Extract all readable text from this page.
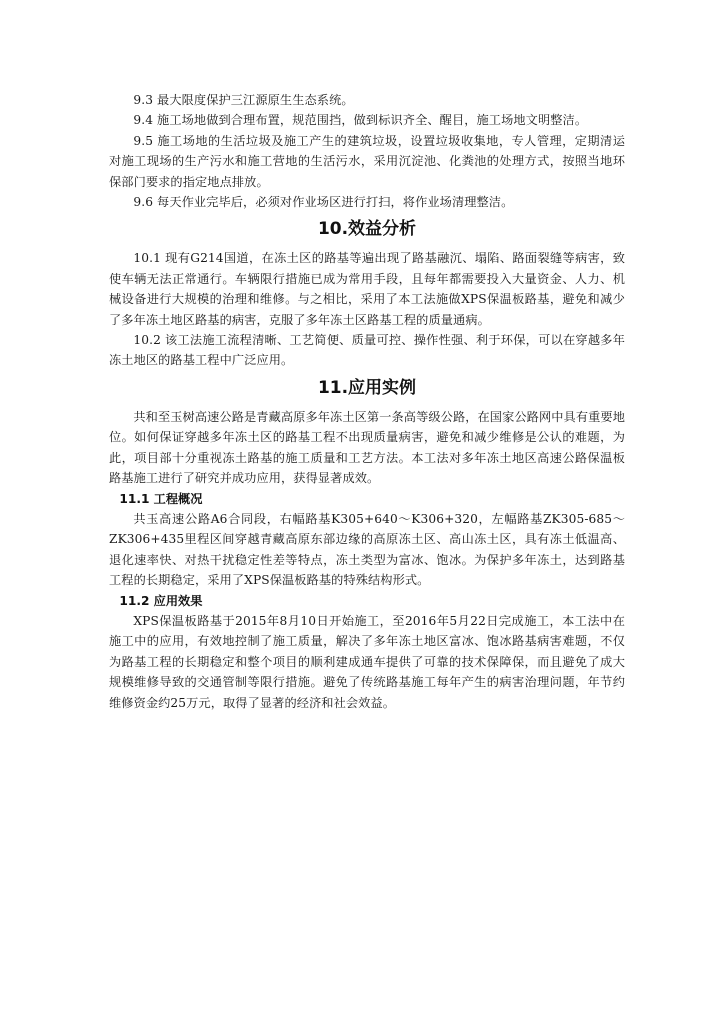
9.3 最大限度保护三江源原生生态系统。

9.4 施工场地做到合理布置，规范围挡，做到标识齐全、醒目，施工场地文明整洁。

9.5 施工场地的生活垃圾及施工产生的建筑垃圾，设置垃圾收集地，专人管理，定期清运 对施工现场的生产污水和施工营地的生活污水，采用沉淀池、化粪池的处理方式，按照当地环保部门要求的指定地点排放。

9.6 每天作业完毕后，必须对作业场区进行打扫，将作业场清理整洁。

10.效益分析

10.1 现有G214国道，在冻土区的路基等遍出现了路基融沉、塌陷、路面裂缝等病害，致使车辆无法正常通行。车辆限行措施已成为常用手段，且每年都需要投入大量资金、人力、机械设备进行大规模的治理和维修。与之相比，采用了本工法施做XPS保温板路基，避免和减少了多年冻土地区路基的病害，克服了多年冻土区路基工程的质量通病。

10.2 该工法施工流程清晰、工艺简便、质量可控、操作性强、利于环保，可以在穿越多年冻土地区的路基工程中广泛应用。

11.应用实例

共和至玉树高速公路是青藏高原多年冻土区第一条高等级公路，在国家公路网中具有重要地位。如何保证穿越多年冻土区的路基工程不出现质量病害，避免和减少维修是公认的难题，为此，项目部十分重视冻土路基的施工质量和工艺方法。本工法对多年冻土地区高速公路保温板路基施工进行了研究并成功应用，获得显著成效。

11.1 工程概况

共玉高速公路A6合同段，右幅路基K305+640～K306+320，左幅路基ZK305-685～ZK306+435里程区间穿越青藏高原东部边缘的高原冻土区、高山冻土区，具有冻土低温高、退化速率快、对热干扰稳定性差等特点，冻土类型为富冰、饱冰。为保护多年冻土，达到路基工程的长期稳定，采用了XPS保温板路基的特殊结构形式。

11.2 应用效果

XPS保温板路基于2015年8月10日开始施工，至2016年5月22日完成施工，本工法中在施工中的应用，有效地控制了施工质量，解决了多年冻土地区富冰、饱冰路基病害难题，不仅为路基工程的长期稳定和整个项目的顺利建成通车提供了可靠的技术保障保，而且避免了成大规模维修导致的交通管制等限行措施。避免了传统路基施工每年产生的病害治理问题，年节约维修资金约25万元，取得了显著的经济和社会效益。
